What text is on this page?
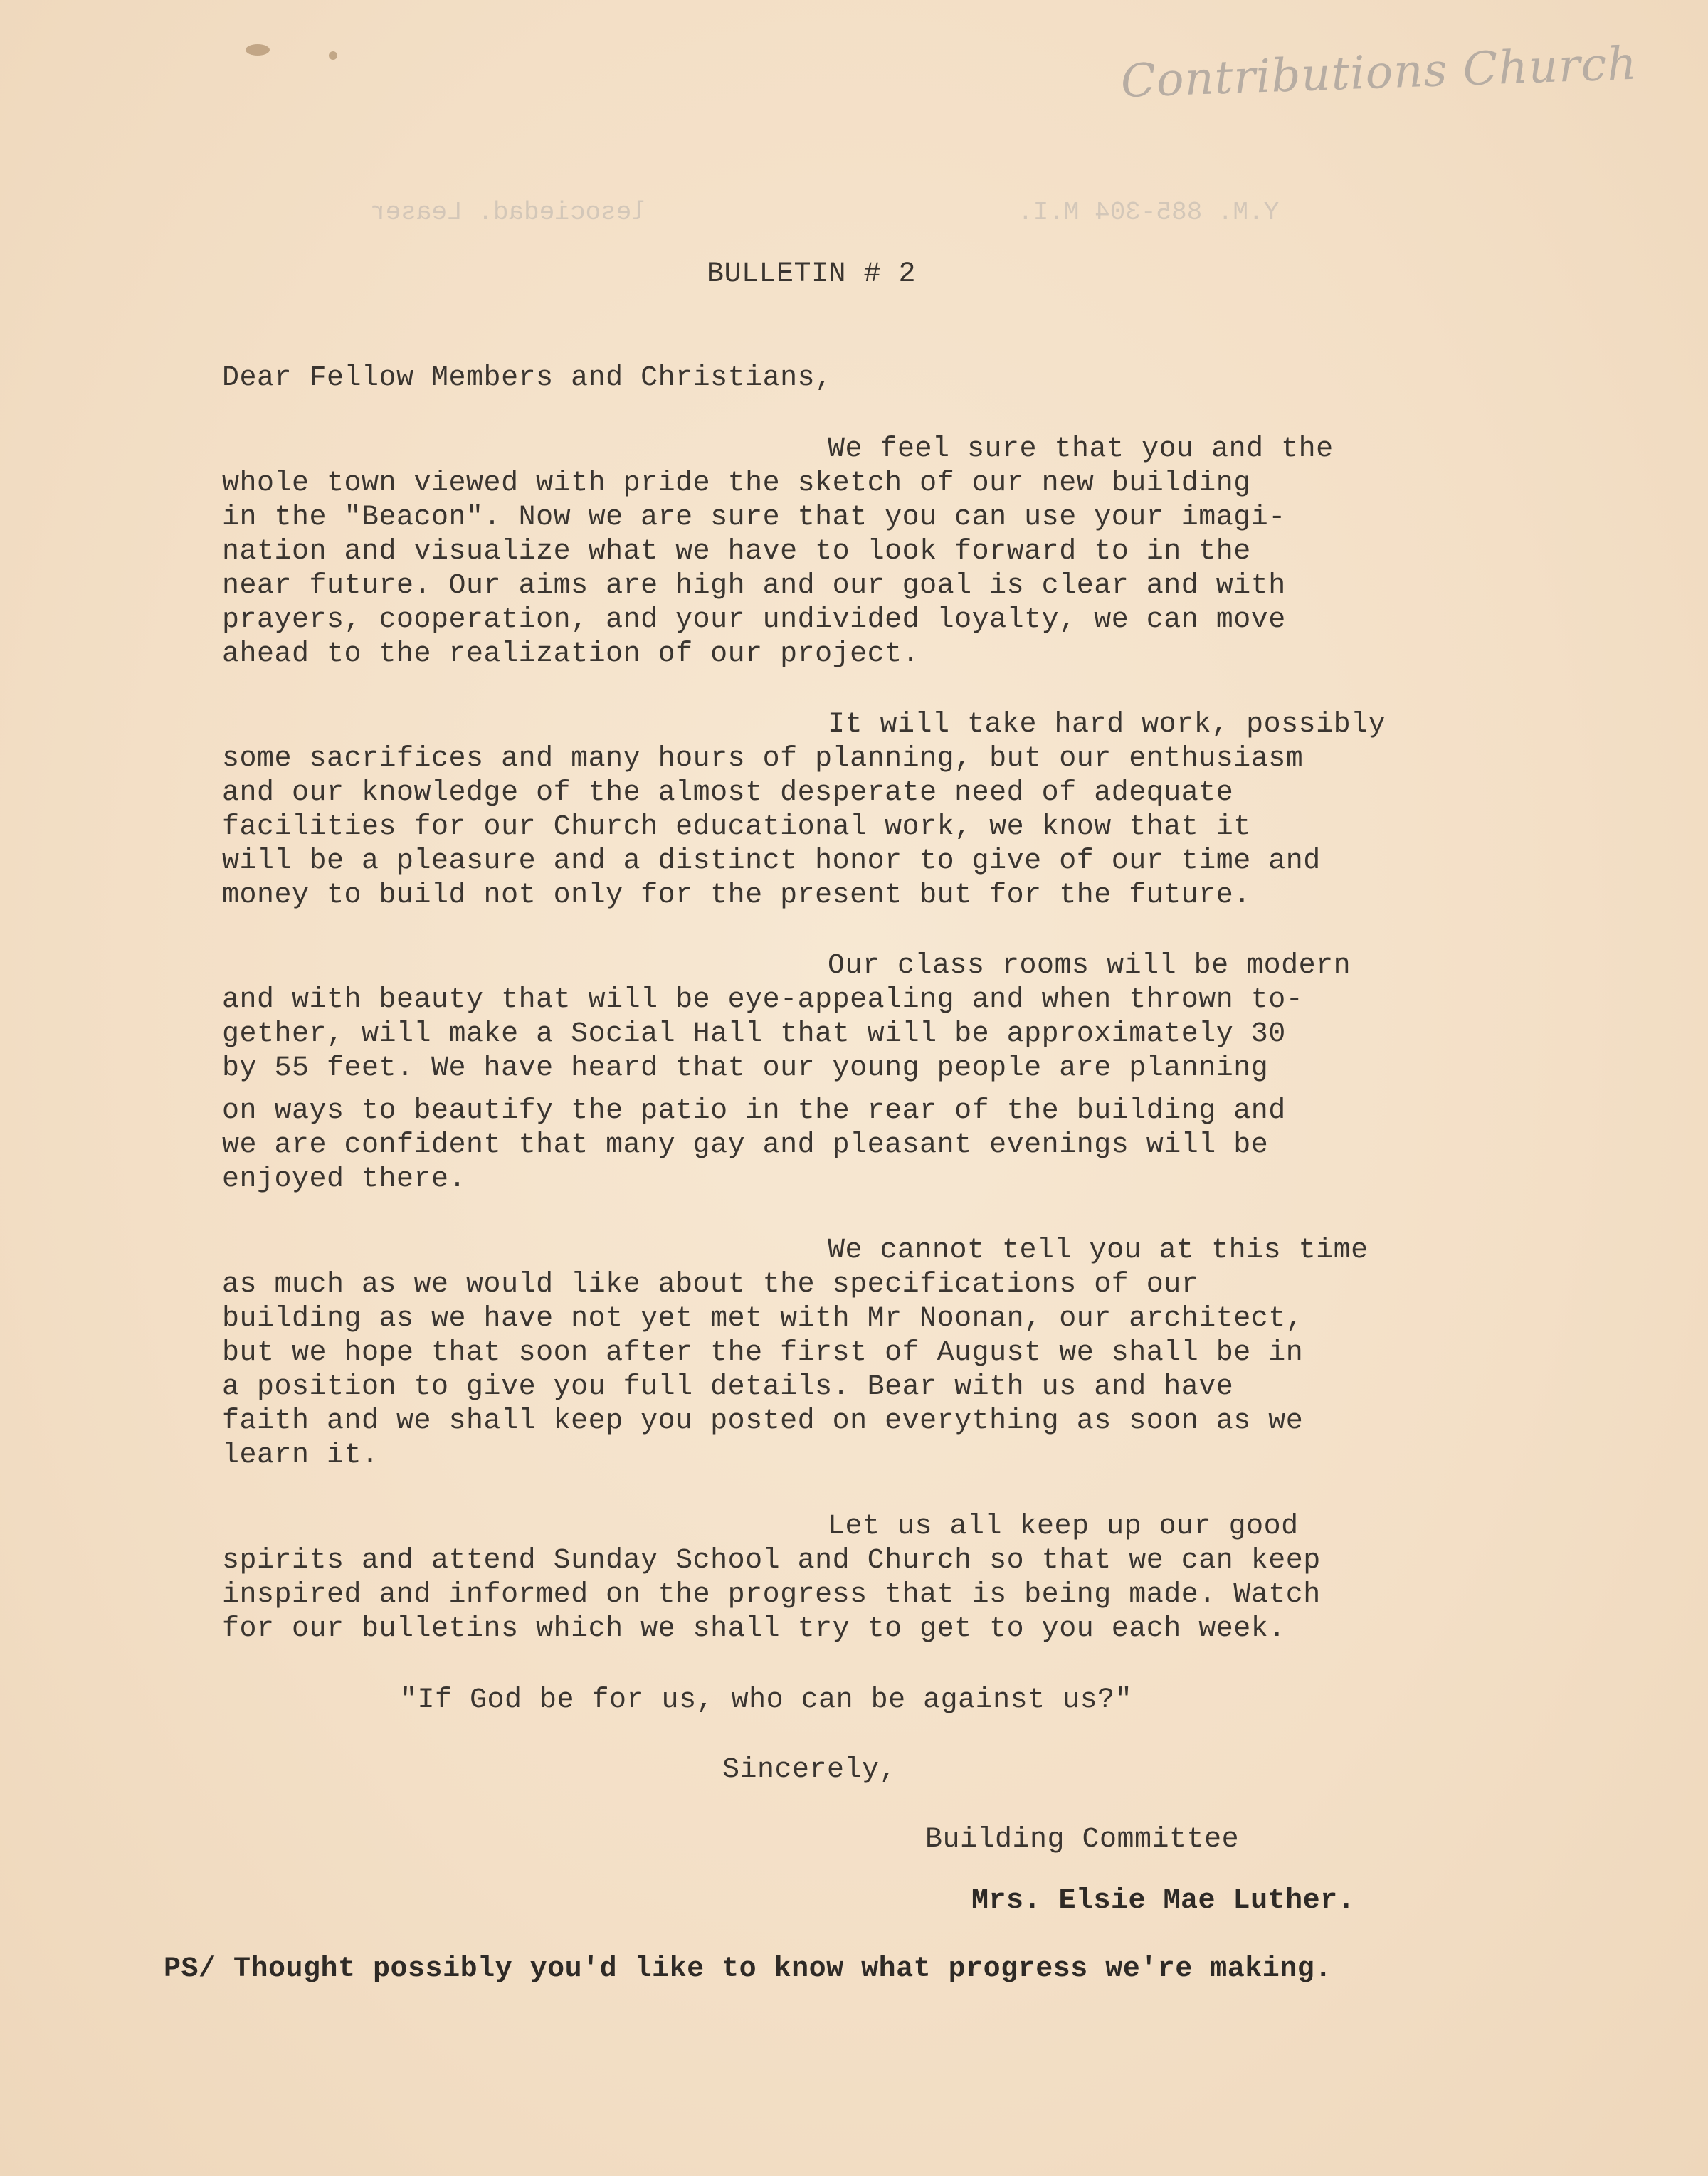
Contributions Church
lesociedad. Leaser	Y.M. 885-304 M.I.
BULLETIN # 2
Dear Fellow Members and Christians,
We feel sure that you and the
whole town viewed with pride the sketch of our new building
in the "Beacon". Now we are sure that you can use your imagi-
nation and visualize what we have to look forward to in the
near future. Our aims are high and our goal is clear and with
prayers, cooperation, and your undivided loyalty, we can move
ahead to the realization of our project.
It will take hard work, possibly
some sacrifices and many hours of planning, but our enthusiasm
and our knowledge of the almost desperate need of adequate
facilities for our Church educational work, we know that it
will be a pleasure and a distinct honor to give of our time and
money to build not only for the present but for the future.
Our class rooms will be modern
and with beauty that will be eye-appealing and when thrown to-
gether, will make a Social Hall that will be approximately 30
by 55 feet. We have heard that our young people are planning
on ways to beautify the patio in the rear of the building and
we are confident that many gay and pleasant evenings will be
enjoyed there.
We cannot tell you at this time
as much as we would like about the specifications of our
building as we have not yet met with Mr Noonan, our architect,
but we hope that soon after the first of August we shall be in
a position to give you full details. Bear with us and have
faith and we shall keep you posted on everything as soon as we
learn it.
Let us all keep up our good
spirits and attend Sunday School and Church so that we can keep
inspired and informed on the progress that is being made. Watch
for our bulletins which we shall try to get to you each week.
"If God be for us, who can be against us?"
Sincerely,
Building Committee
Mrs. Elsie Mae Luther.
PS/ Thought possibly you'd like to know what progress we're making.
